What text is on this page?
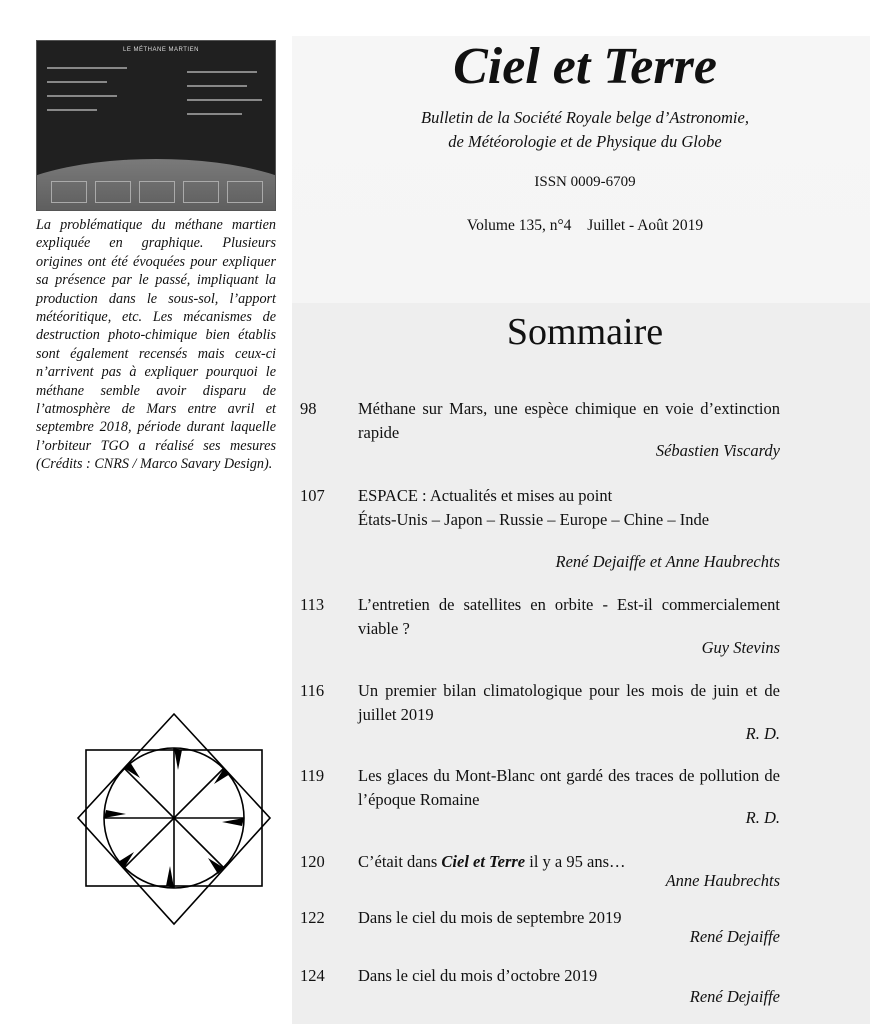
LE MÉTHANE MARTIEN
La problématique du méthane martien expliquée en graphique. Plusieurs origines ont été évoquées pour expliquer sa présence par le passé, impliquant la production dans le sous-sol, l’apport météoritique, etc. Les mécanismes de destruction photo-chimique bien établis sont également recensés mais ceux-ci n’arrivent pas à expliquer pourquoi le méthane semble avoir disparu de l’atmosphère de Mars entre avril et septembre 2018, période durant laquelle l’orbiteur TGO a réalisé ses mesures (Crédits : CNRS / Marco Savary Design).
Ciel et Terre
Bulletin de la Société Royale belge d’Astronomie,
de Météorologie et de Physique du Globe
ISSN 0009-6709
Volume 135, n°4 Juillet - Août 2019
Sommaire
98	Méthane sur Mars, une espèce chimique en voie d’extinction rapide
Sébastien Viscardy
107	ESPACE : Actualités et mises au point
États-Unis – Japon – Russie – Europe – Chine – Inde
René Dejaiffe et Anne Haubrechts
113	L’entretien de satellites en orbite - Est-il commercialement viable ?
Guy Stevins
116	Un premier bilan climatologique pour les mois de juin et de juillet 2019
R. D.
119	Les glaces du Mont-Blanc ont gardé des traces de pollution de l’époque Romaine
R. D.
120	C’était dans Ciel et Terre il y a 95 ans…
Anne Haubrechts
122	Dans le ciel du mois de septembre 2019
René Dejaiffe
124	Dans le ciel du mois d’octobre 2019
René Dejaiffe
